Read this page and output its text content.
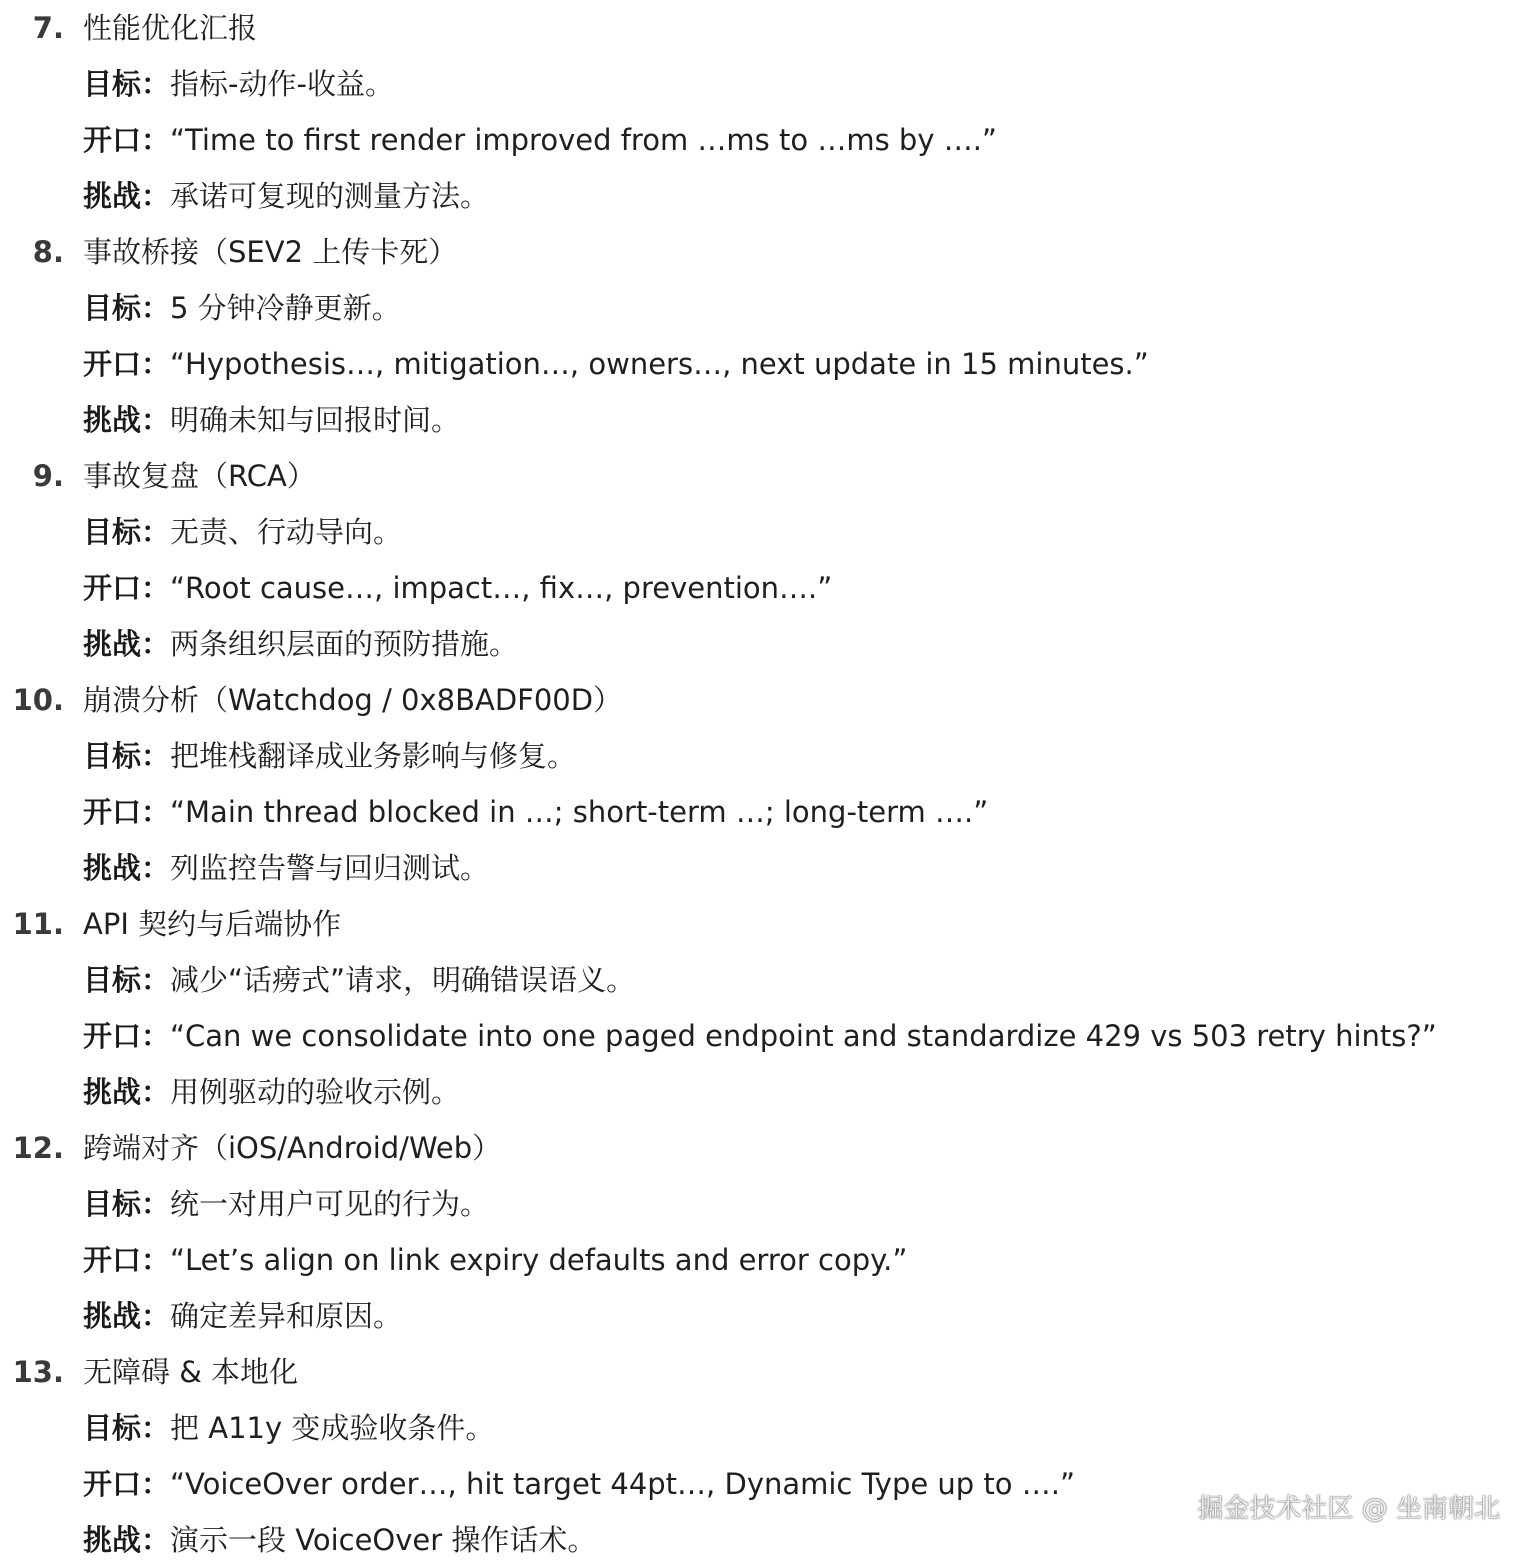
7. 性能优化汇报
目标：指标-动作-收益。
开口：“Time to first render improved from …ms to …ms by ….”
挑战：承诺可复现的测量方法。
8. 事故桥接（SEV2 上传卡死）
目标：5 分钟冷静更新。
开口：“Hypothesis…, mitigation…, owners…, next update in 15 minutes.”
挑战：明确未知与回报时间。
9. 事故复盘（RCA）
目标：无责、行动导向。
开口：“Root cause…, impact…, fix…, prevention….”
挑战：两条组织层面的预防措施。
10. 崩溃分析（Watchdog / 0x8BADF00D）
目标：把堆栈翻译成业务影响与修复。
开口：“Main thread blocked in …; short-term …; long-term ….”
挑战：列监控告警与回归测试。
11. API 契约与后端协作
目标：减少“话痨式”请求，明确错误语义。
开口：“Can we consolidate into one paged endpoint and standardize 429 vs 503 retry hints?”
挑战：用例驱动的验收示例。
12. 跨端对齐（iOS/Android/Web）
目标：统一对用户可见的行为。
开口：“Let’s align on link expiry defaults and error copy.”
挑战：确定差异和原因。
13. 无障碍 & 本地化
目标：把 A11y 变成验收条件。
开口：“VoiceOver order…, hit target 44pt…, Dynamic Type up to ….”
挑战：演示一段 VoiceOver 操作话术。
掘金技术社区 @ 坐南朝北
